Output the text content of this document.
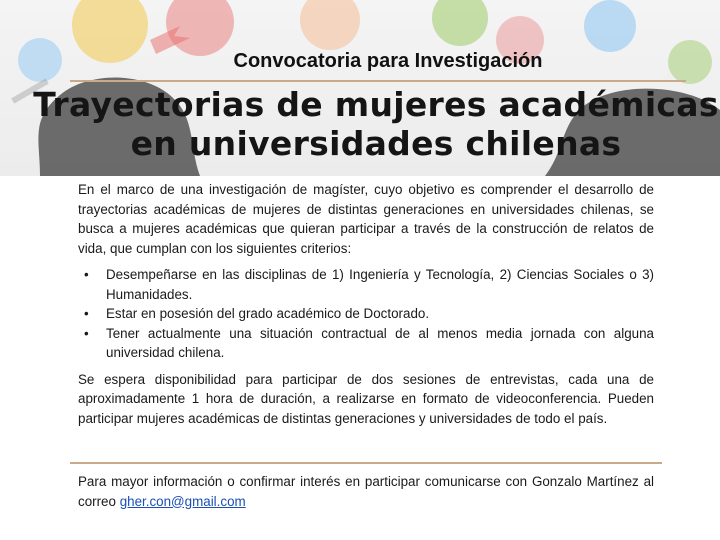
Convocatoria para Investigación

Trayectorias de mujeres académicas
en universidades chilenas

En el marco de una investigación de magíster, cuyo objetivo es comprender el desarrollo de trayectorias académicas de mujeres de distintas generaciones en universidades chilenas, se busca a mujeres académicas que quieran participar a través de la construcción de relatos de vida, que cumplan con los siguientes criterios:

• Desempeñarse en las disciplinas de 1) Ingeniería y Tecnología, 2) Ciencias Sociales o 3) Humanidades.
• Estar en posesión del grado académico de Doctorado.
• Tener actualmente una situación contractual de al menos media jornada con alguna universidad chilena.

Se espera disponibilidad para participar de dos sesiones de entrevistas, cada una de aproximadamente 1 hora de duración, a realizarse en formato de videoconferencia. Pueden participar mujeres académicas de distintas generaciones y universidades de todo el país.

Para mayor información o confirmar interés en participar comunicarse con Gonzalo Martínez al correo gher.con@gmail.com
